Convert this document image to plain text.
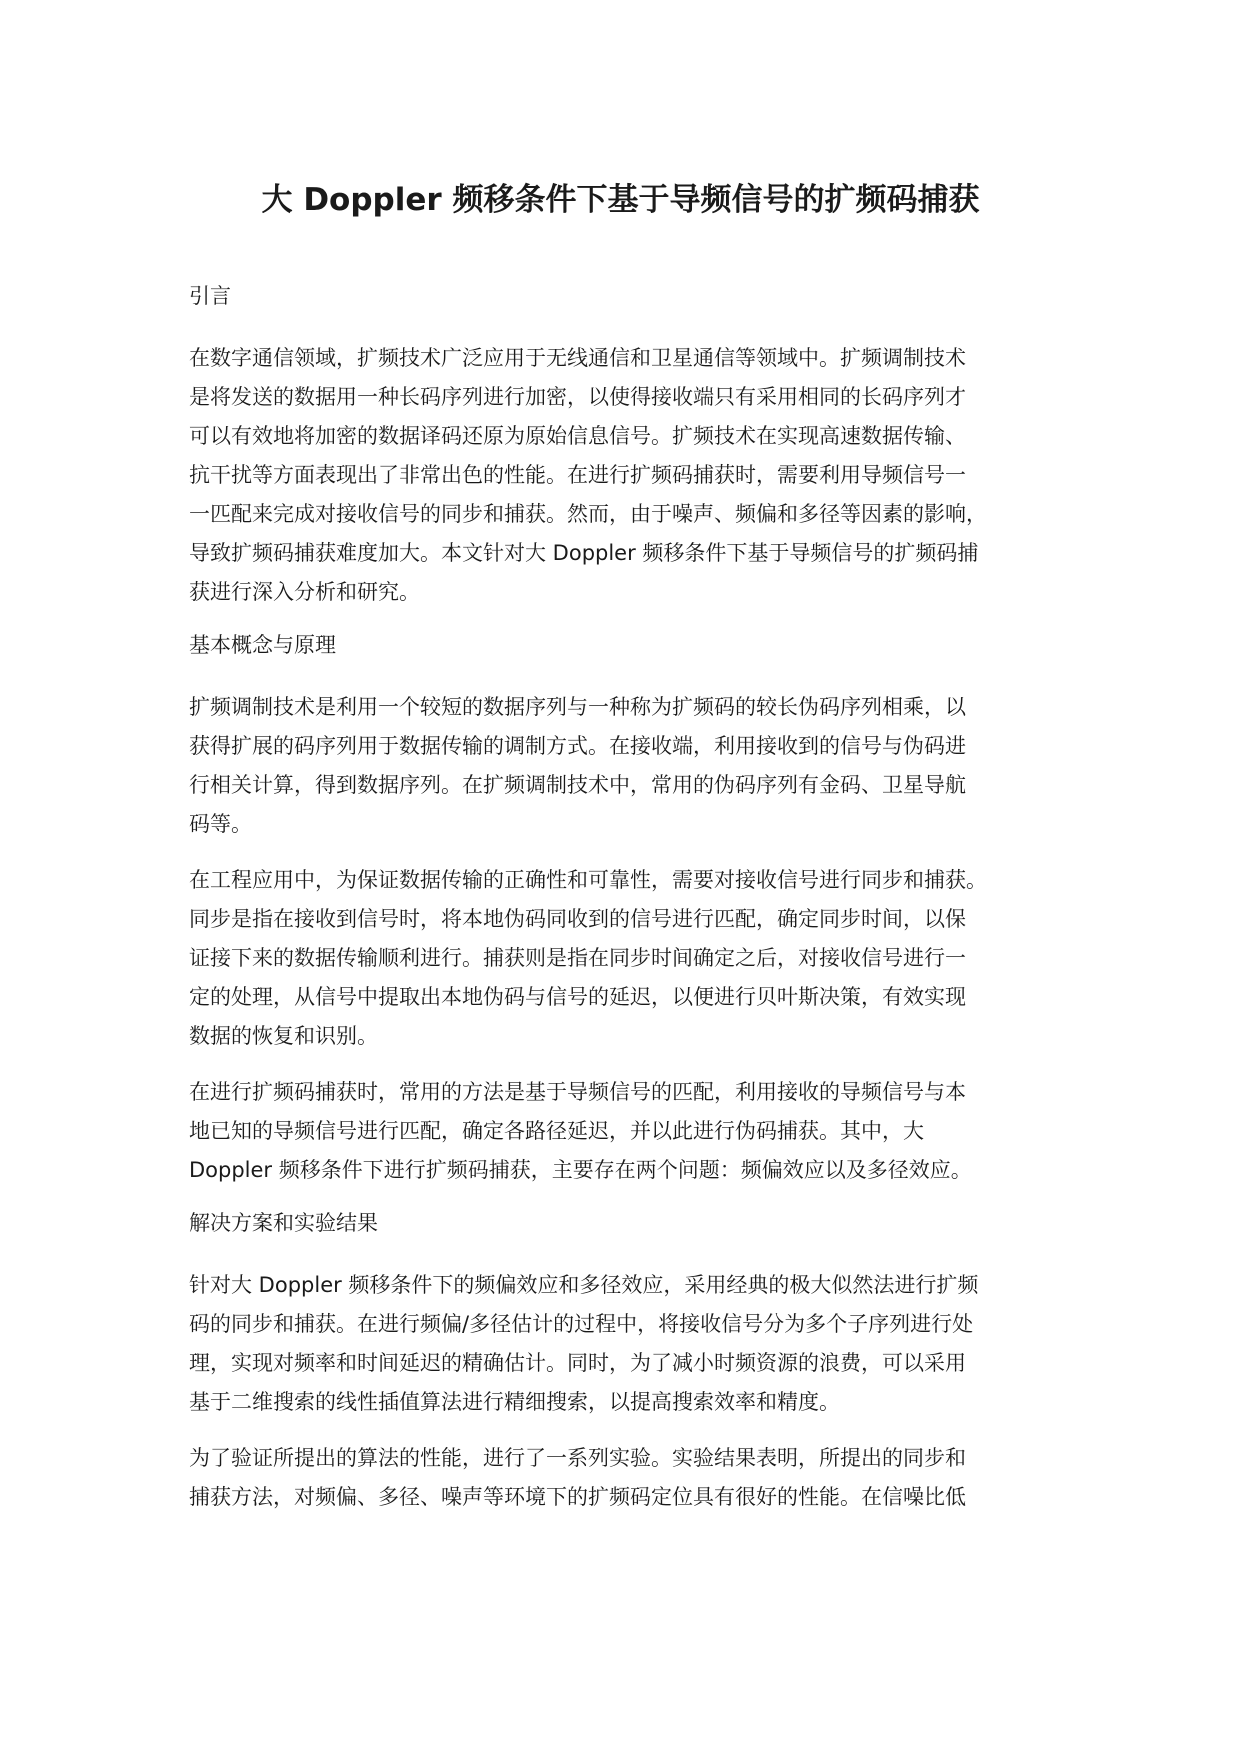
大 Doppler 频移条件下基于导频信号的扩频码捕获
引言
在数字通信领域，扩频技术广泛应用于无线通信和卫星通信等领域中。扩频调制技术
是将发送的数据用一种长码序列进行加密，以使得接收端只有采用相同的长码序列才
可以有效地将加密的数据译码还原为原始信息信号。扩频技术在实现高速数据传输、
抗干扰等方面表现出了非常出色的性能。在进行扩频码捕获时，需要利用导频信号一
一匹配来完成对接收信号的同步和捕获。然而，由于噪声、频偏和多径等因素的影响，
导致扩频码捕获难度加大。本文针对大 Doppler 频移条件下基于导频信号的扩频码捕
获进行深入分析和研究。
基本概念与原理
扩频调制技术是利用一个较短的数据序列与一种称为扩频码的较长伪码序列相乘，以
获得扩展的码序列用于数据传输的调制方式。在接收端，利用接收到的信号与伪码进
行相关计算，得到数据序列。在扩频调制技术中，常用的伪码序列有金码、卫星导航
码等。
在工程应用中，为保证数据传输的正确性和可靠性，需要对接收信号进行同步和捕获。
同步是指在接收到信号时，将本地伪码同收到的信号进行匹配，确定同步时间，以保
证接下来的数据传输顺利进行。捕获则是指在同步时间确定之后，对接收信号进行一
定的处理，从信号中提取出本地伪码与信号的延迟，以便进行贝叶斯决策，有效实现
数据的恢复和识别。
在进行扩频码捕获时，常用的方法是基于导频信号的匹配，利用接收的导频信号与本
地已知的导频信号进行匹配，确定各路径延迟，并以此进行伪码捕获。其中，大
Doppler 频移条件下进行扩频码捕获，主要存在两个问题：频偏效应以及多径效应。
解决方案和实验结果
针对大 Doppler 频移条件下的频偏效应和多径效应，采用经典的极大似然法进行扩频
码的同步和捕获。在进行频偏/多径估计的过程中，将接收信号分为多个子序列进行处
理，实现对频率和时间延迟的精确估计。同时，为了减小时频资源的浪费，可以采用
基于二维搜索的线性插值算法进行精细搜索，以提高搜索效率和精度。
为了验证所提出的算法的性能，进行了一系列实验。实验结果表明，所提出的同步和
捕获方法，对频偏、多径、噪声等环境下的扩频码定位具有很好的性能。在信噪比低
